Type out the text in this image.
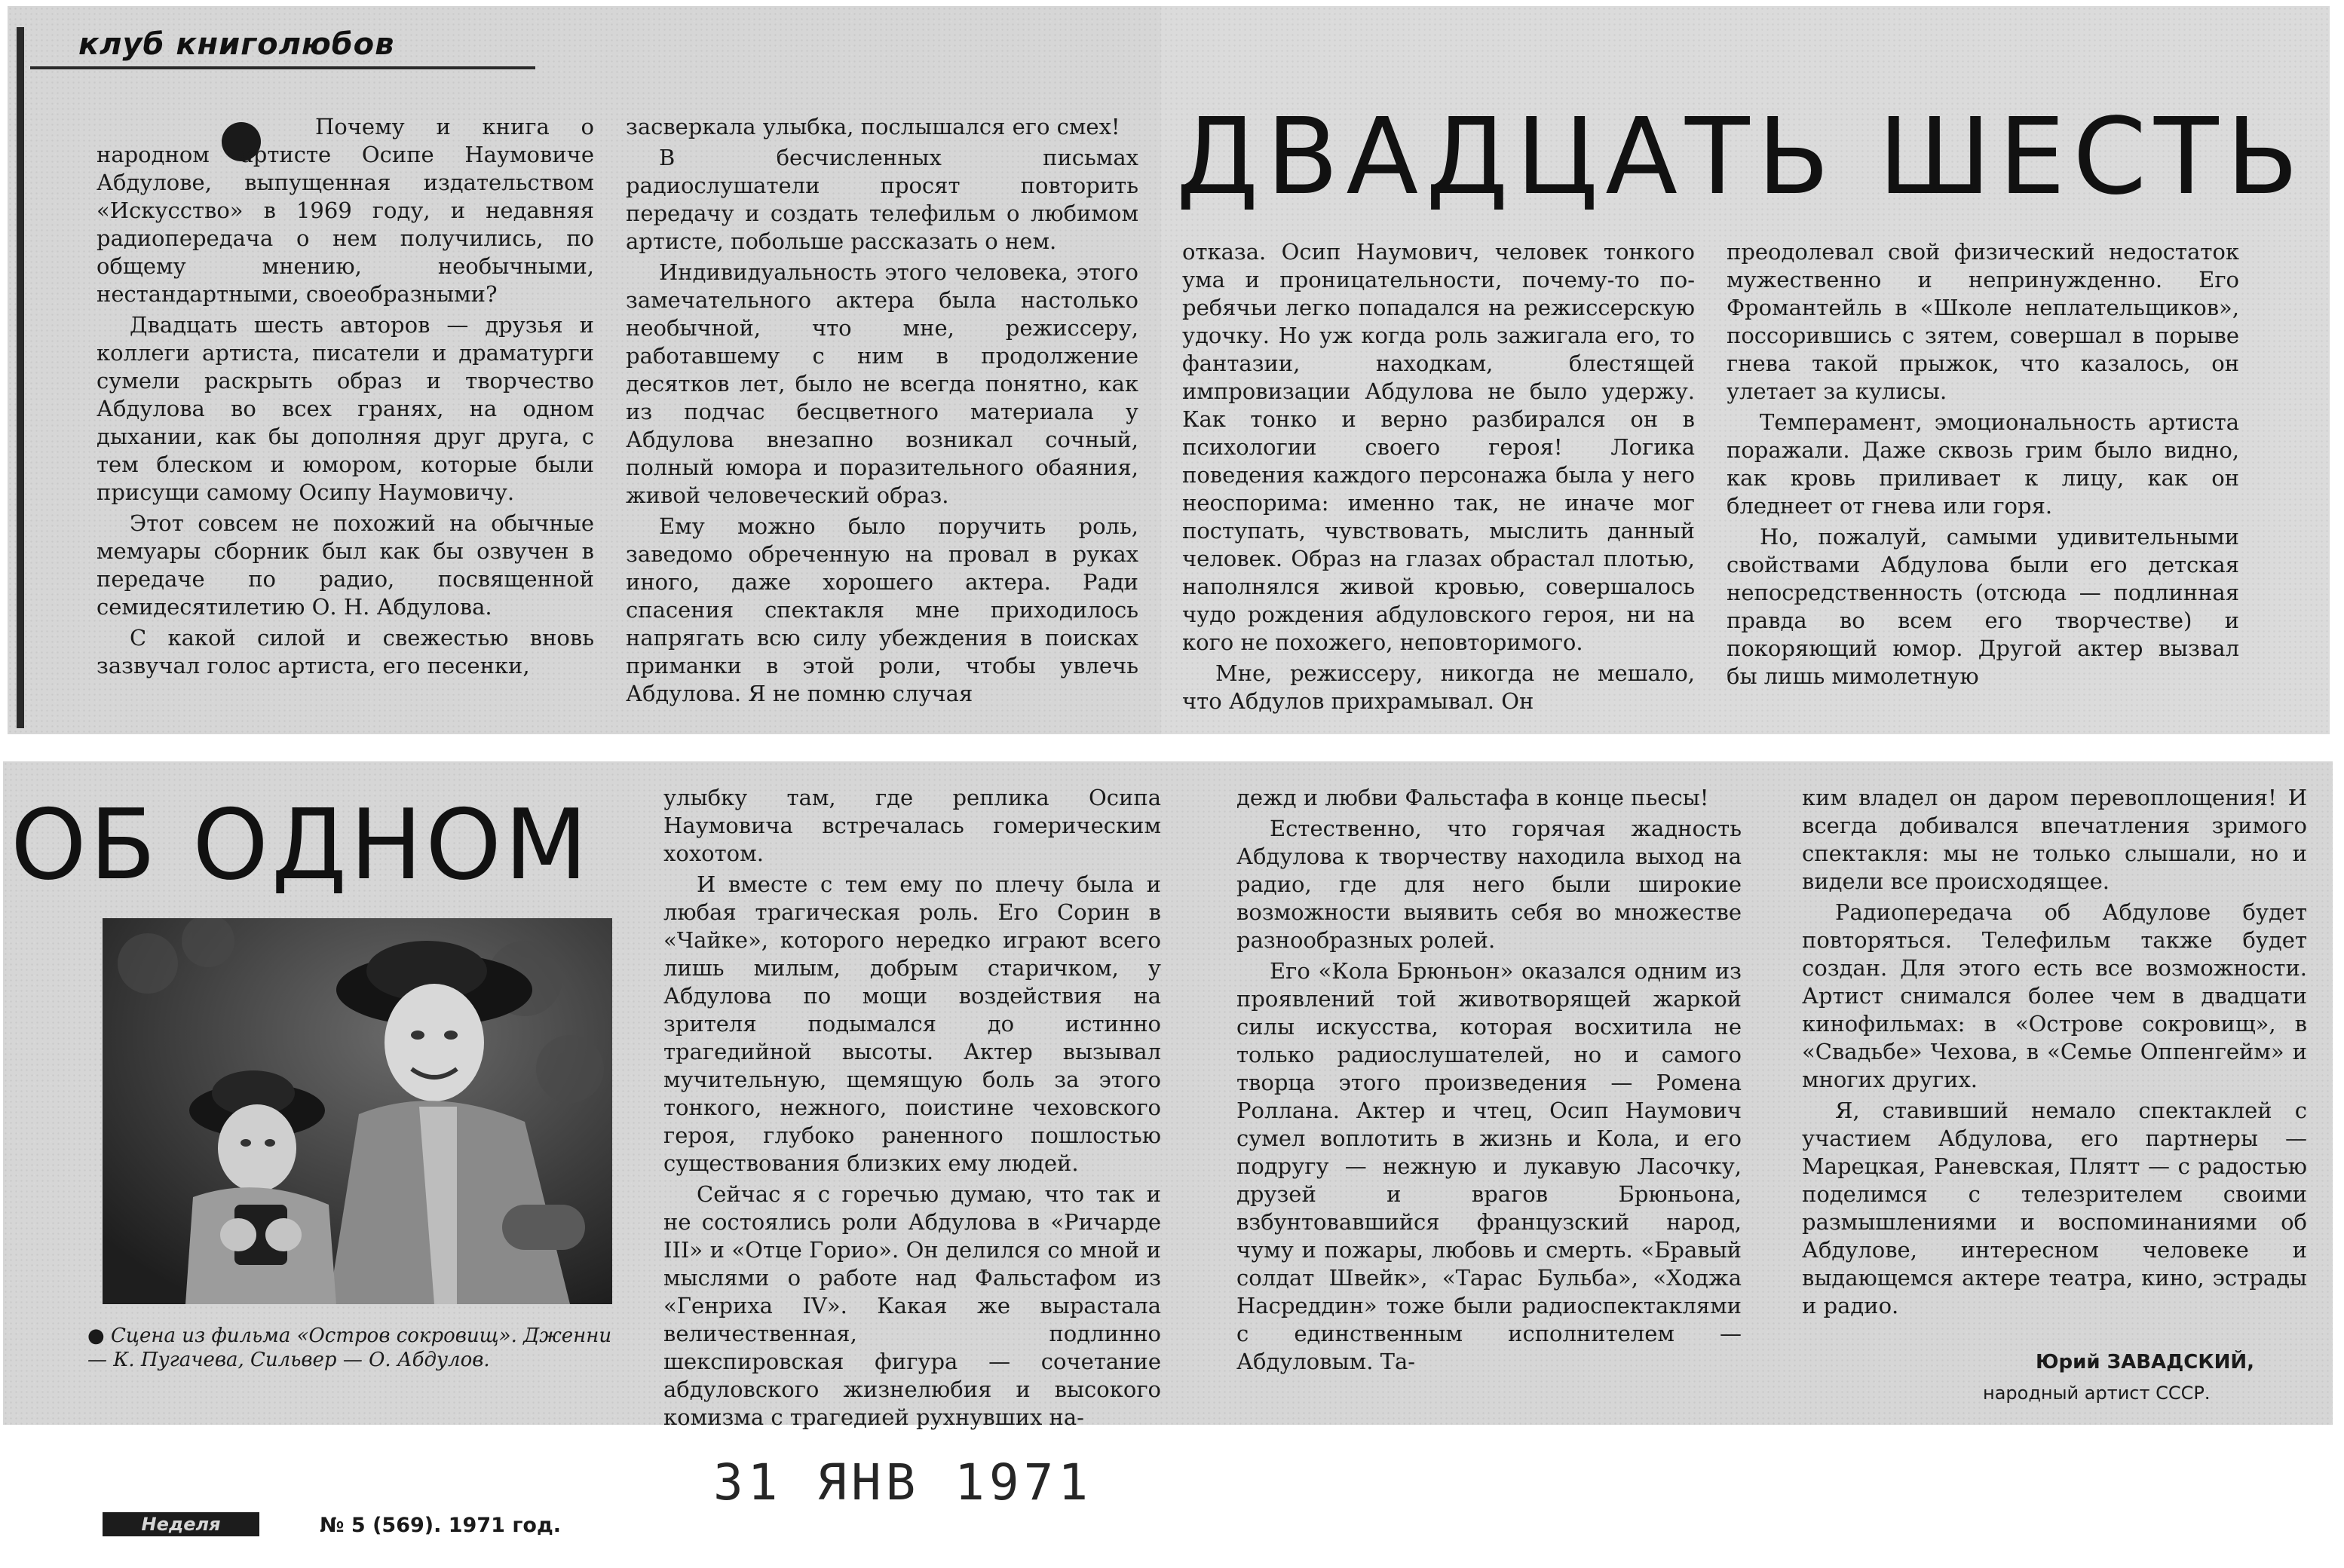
клуб книголюбов
ДВАДЦАТЬ ШЕСТЬ
ОБ ОДНОМ

Почему и книга о народном артисте Осипе Наумовиче Абдулове, выпущенная издательством «Искусство» в 1969 году, и недавняя радиопередача о нем получились, по общему мнению, необычными, нестандартными, своеобразными?

Двадцать шесть авторов — друзья и коллеги артиста, писатели и драматурги сумели раскрыть образ и творчество Абдулова во всех гранях, на одном дыхании, как бы дополняя друг друга, с тем блеском и юмором, которые были присущи самому Осипу Наумовичу.

Этот совсем не похожий на обычные мемуары сборник был как бы озвучен в передаче по радио, посвященной семидесятилетию О. Н. Абдулова.

С какой силой и свежестью вновь зазвучал голос артиста, его песенки,

засверкала улыбка, послышался его смех!

В бесчисленных письмах радиослушатели просят повторить передачу и создать телефильм о любимом артисте, побольше рассказать о нем.

Индивидуальность этого человека, этого замечательного актера была настолько необычной, что мне, режиссеру, работавшему с ним в продолжение десятков лет, было не всегда понятно, как из подчас бесцветного материала у Абдулова внезапно возникал сочный, полный юмора и поразительного обаяния, живой человеческий образ.

Ему можно было поручить роль, заведомо обреченную на провал в руках иного, даже хорошего актера. Ради спасения спектакля мне приходилось напрягать всю силу убеждения в поисках приманки в этой роли, чтобы увлечь Абдулова. Я не помню случая

отказа. Осип Наумович, человек тонкого ума и проницательности, почему-то по-ребячьи легко попадался на режиссерскую удочку. Но уж когда роль зажигала его, то фантазии, находкам, блестящей импровизации Абдулова не было удержу. Как тонко и верно разбирался он в психологии своего героя! Логика поведения каждого персонажа была у него неоспорима: именно так, не иначе мог поступать, чувствовать, мыслить данный человек. Образ на глазах обрастал плотью, наполнялся живой кровью, совершалось чудо рождения абдуловского героя, ни на кого не похожего, неповторимого.

Мне, режиссеру, никогда не мешало, что Абдулов прихрамывал. Он

преодолевал свой физический недостаток мужественно и непринужденно. Его Фромантейль в «Школе неплательщиков», поссорившись с зятем, совершал в порыве гнева такой прыжок, что казалось, он улетает за кулисы.

Темперамент, эмоциональность артиста поражали. Даже сквозь грим было видно, как кровь приливает к лицу, как он бледнеет от гнева или горя.

Но, пожалуй, самыми удивительными свойствами Абдулова были его детская непосредственность (отсюда — подлинная правда во всем его творчестве) и покоряющий юмор. Другой актер вызвал бы лишь мимолетную

● Сцена из фильма «Остров сокровищ». Дженни — К. Пугачева, Сильвер — О. Абдулов.

улыбку там, где реплика Осипа Наумовича встречалась гомерическим хохотом.

И вместе с тем ему по плечу была и любая трагическая роль. Его Сорин в «Чайке», которого нередко играют всего лишь милым, добрым старичком, у Абдулова по мощи воздействия на зрителя подымался до истинно трагедийной высоты. Актер вызывал мучительную, щемящую боль за этого тонкого, нежного, поистине чеховского героя, глубоко раненного пошлостью существования близких ему людей.

Сейчас я с горечью думаю, что так и не состоялись роли Абдулова в «Ричарде III» и «Отце Горио». Он делился со мной и мыслями о работе над Фальстафом из «Генриха IV». Какая же вырастала величественная, подлинно шекспировская фигура — сочетание абдуловского жизнелюбия и высокого комизма с трагедией рухнувших на-

дежд и любви Фальстафа в конце пьесы!

Естественно, что горячая жадность Абдулова к творчеству находила выход на радио, где для него были широкие возможности выявить себя во множестве разнообразных ролей.

Его «Кола Брюньон» оказался одним из проявлений той животворящей жаркой силы искусства, которая восхитила не только радиослушателей, но и самого творца этого произведения — Ромена Роллана. Актер и чтец, Осип Наумович сумел воплотить в жизнь и Кола, и его подругу — нежную и лукавую Ласочку, друзей и врагов Брюньона, взбунтовавшийся французский народ, чуму и пожары, любовь и смерть. «Бравый солдат Швейк», «Тарас Бульба», «Ходжа Насреддин» тоже были радиоспектаклями с единственным исполнителем — Абдуловым. Та-

ким владел он даром перевоплощения! И всегда добивался впечатления зримого спектакля: мы не только слышали, но и видели все происходящее.

Радиопередача об Абдулове будет повторяться. Телефильм также будет создан. Для этого есть все возможности. Артист снимался более чем в двадцати кинофильмах: в «Острове сокровищ», в «Свадьбе» Чехова, в «Семье Оппенгейм» и многих других.

Я, ставивший немало спектаклей с участием Абдулова, его партнеры — Марецкая, Раневская, Плятт — с радостью поделимся с телезрителем своими размышлениями и воспоминаниями об Абдулове, интересном человеке и выдающемся актере театра, кино, эстрады и радио.

Юрий ЗАВАДСКИЙ,
народный артист СССР.
31 ЯНВ 1971
Неделя	№ 5 (569). 1971 год.
